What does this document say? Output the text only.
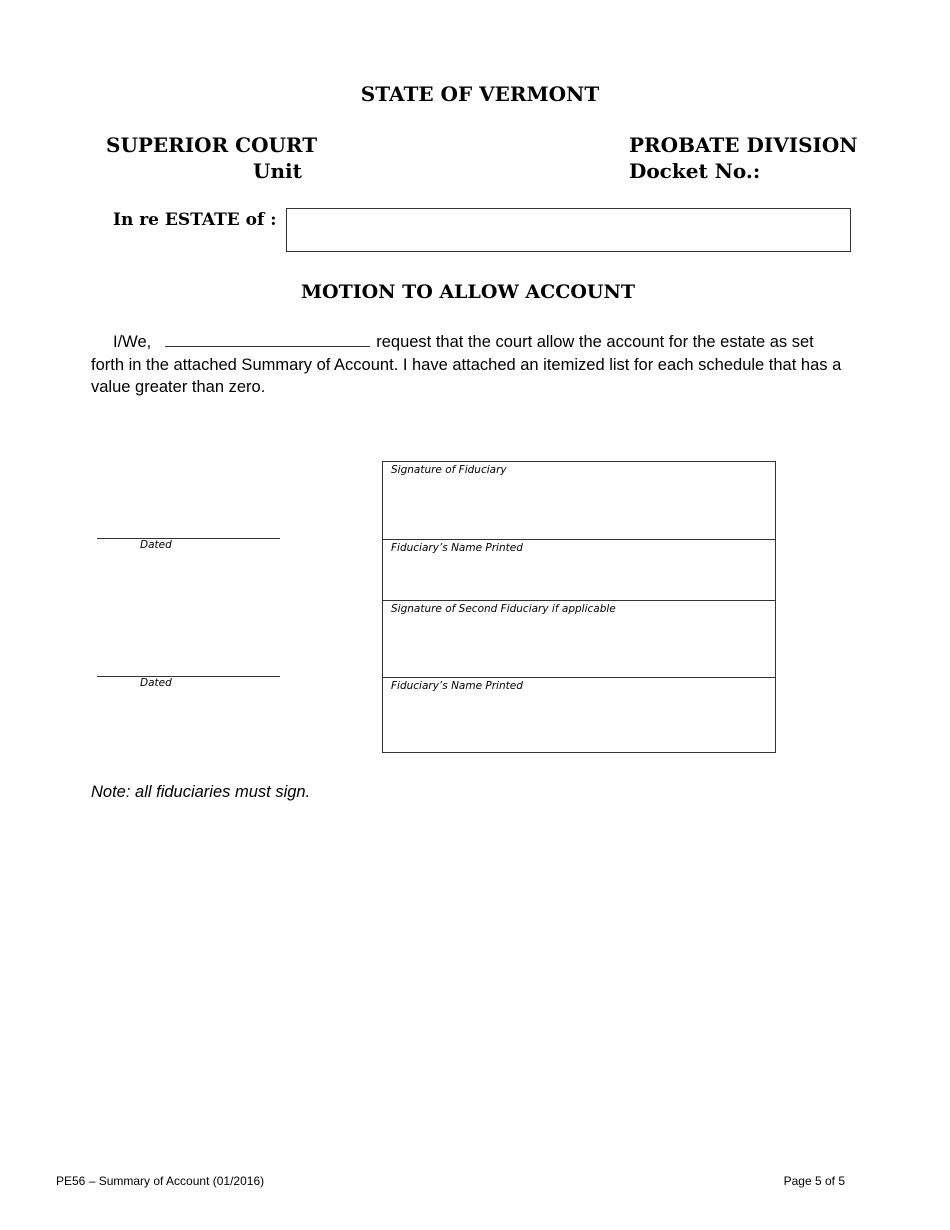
STATE OF VERMONT
SUPERIOR COURT
Unit
PROBATE DIVISION
Docket No.:
In re ESTATE of :
MOTION TO ALLOW ACCOUNT
I/We,	request that the court allow the account for the estate as set forth in the attached Summary of Account. I have attached an itemized list for each schedule that has a value greater than zero.
Dated
Dated
Signature of Fiduciary
Fiduciary’s Name Printed
Signature of Second Fiduciary if applicable
Fiduciary’s Name Printed
Note: all fiduciaries must sign.
PE56 – Summary of Account (01/2016)	Page 5 of 5
